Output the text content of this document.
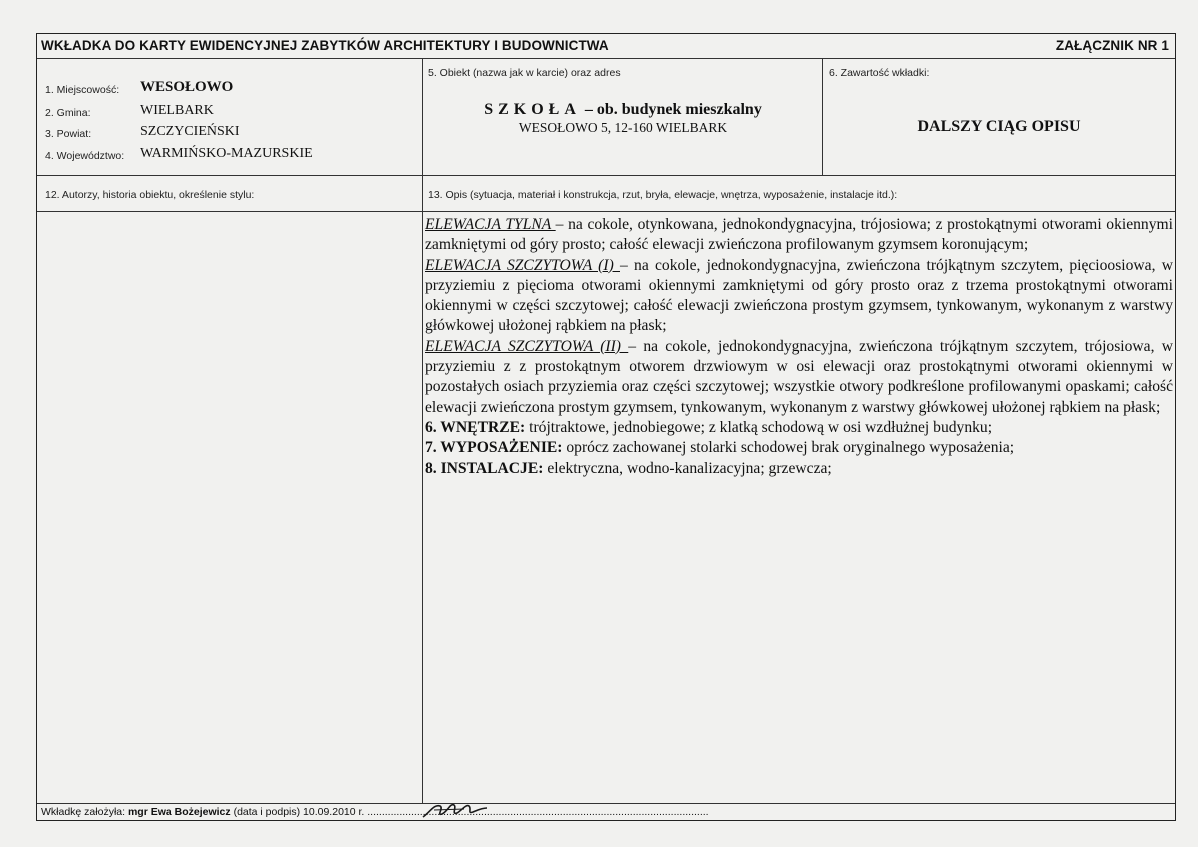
WKŁADKA DO KARTY EWIDENCYJNEJ ZABYTKÓW ARCHITEKTURY I BUDOWNICTWA	ZAŁĄCZNIK NR 1
1. Miejscowość: WESOŁOWO
2. Gmina:	WIELBARK
3. Powiat:	SZCZYCIEŃSKI
4. Województwo: WARMIŃSKO-MAZURSKIE
5. Obiekt (nazwa jak w karcie) oraz adres
SZKOŁA – ob. budynek mieszkalny
WESOŁOWO 5, 12-160 WIELBARK
6. Zawartość wkładki:
DALSZY CIĄG OPISU
12. Autorzy, historia obiektu, określenie stylu:	13. Opis (sytuacja, materiał i konstrukcja, rzut, bryła, elewacje, wnętrza, wyposażenie, instalacje itd.):
Wkładkę założyła: mgr Ewa Bożejewicz (data i podpis) 10.09.2010 r. .....................................................................................................................

ELEWACJA TYLNA – na cokole, otynkowana, jednokondygnacyjna, trójosiowa; z prostokątnymi otworami okiennymi zamkniętymi od góry prosto; całość elewacji zwieńczona profilowanym gzymsem koronującym;

ELEWACJA SZCZYTOWA (I) – na cokole, jednokondygnacyjna, zwieńczona trójkątnym szczytem, pięcioosiowa, w przyziemiu z pięcioma otworami okiennymi zamkniętymi od góry prosto oraz z trzema prostokątnymi otworami okiennymi w części szczytowej; całość elewacji zwieńczona prostym gzymsem, tynkowanym, wykonanym z warstwy główkowej ułożonej rąbkiem na płask;

ELEWACJA SZCZYTOWA (II) – na cokole, jednokondygnacyjna, zwieńczona trójkątnym szczytem, trójosiowa, w przyziemiu z z prostokątnym otworem drzwiowym w osi elewacji oraz prostokątnymi otworami okiennymi w pozostałych osiach przyziemia oraz części szczytowej; wszystkie otwory podkreślone profilowanymi opaskami; całość elewacji zwieńczona prostym gzymsem, tynkowanym, wykonanym z warstwy główkowej ułożonej rąbkiem na płask;

6. WNĘTRZE: trójtraktowe, jednobiegowe; z klatką schodową w osi wzdłużnej budynku;

7. WYPOSAŻENIE: oprócz zachowanej stolarki schodowej brak oryginalnego wyposażenia;

8. INSTALACJE: elektryczna, wodno-kanalizacyjna; grzewcza;
